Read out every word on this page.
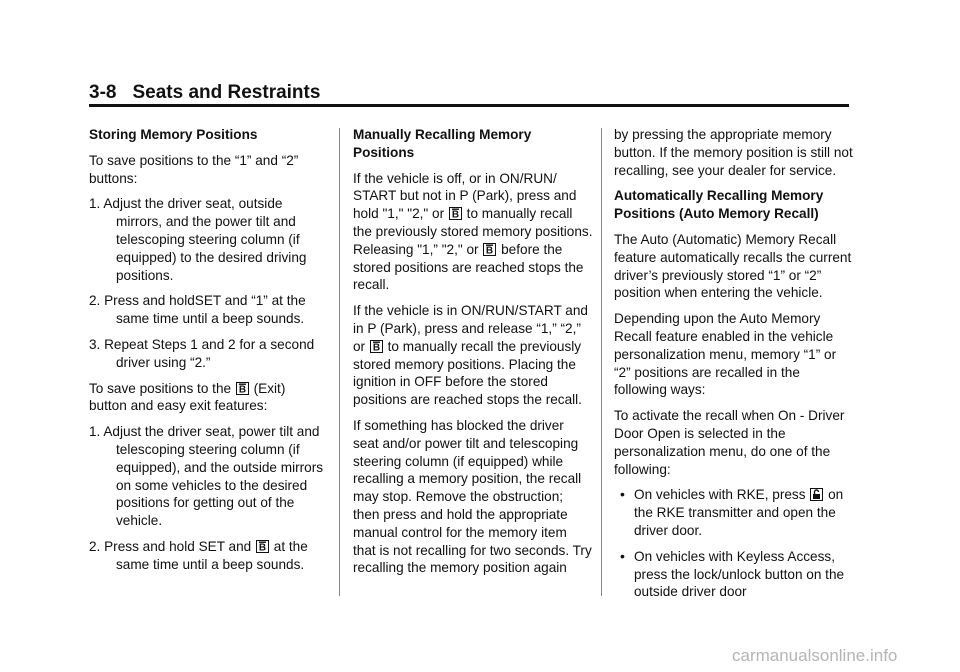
3-8 Seats and Restraints

Storing Memory Positions

To save positions to the “1” and “2” buttons:

1. Adjust the driver seat, outside mirrors, and the power tilt and telescoping steering column (if equipped) to the desired driving positions.

2. Press and holdSET and “1” at the same time until a beep sounds.

3. Repeat Steps 1 and 2 for a second driver using “2.”

To save positions to the B (Exit) button and easy exit features:

1. Adjust the driver seat, power tilt and telescoping steering column (if equipped), and the outside mirrors on some vehicles to the desired positions for getting out of the vehicle.

2. Press and hold SET and B at the same time until a beep sounds.

Manually Recalling Memory Positions

If the vehicle is off, or in ON/RUN/ START but not in P (Park), press and hold "1," "2," or B to manually recall the previously stored memory positions. Releasing "1,” "2," or B before the stored positions are reached stops the recall.

If the vehicle is in ON/RUN/START and in P (Park), press and release “1,” “2,” or B to manually recall the previously stored memory positions. Placing the ignition in OFF before the stored positions are reached stops the recall.

If something has blocked the driver seat and/or power tilt and telescoping steering column (if equipped) while recalling a memory position, the recall may stop. Remove the obstruction; then press and hold the appropriate manual control for the memory item that is not recalling for two seconds. Try recalling the memory position again

by pressing the appropriate memory button. If the memory position is still not recalling, see your dealer for service.

Automatically Recalling Memory Positions (Auto Memory Recall)

The Auto (Automatic) Memory Recall feature automatically recalls the current driver’s previously stored “1” or “2” position when entering the vehicle.

Depending upon the Auto Memory Recall feature enabled in the vehicle personalization menu, memory “1” or “2” positions are recalled in the following ways:

To activate the recall when On - Driver Door Open is selected in the personalization menu, do one of the following:

• On vehicles with RKE, press on the RKE transmitter and open the driver door.

• On vehicles with Keyless Access, press the lock/unlock button on the outside driver door

carmanualsonline.info
